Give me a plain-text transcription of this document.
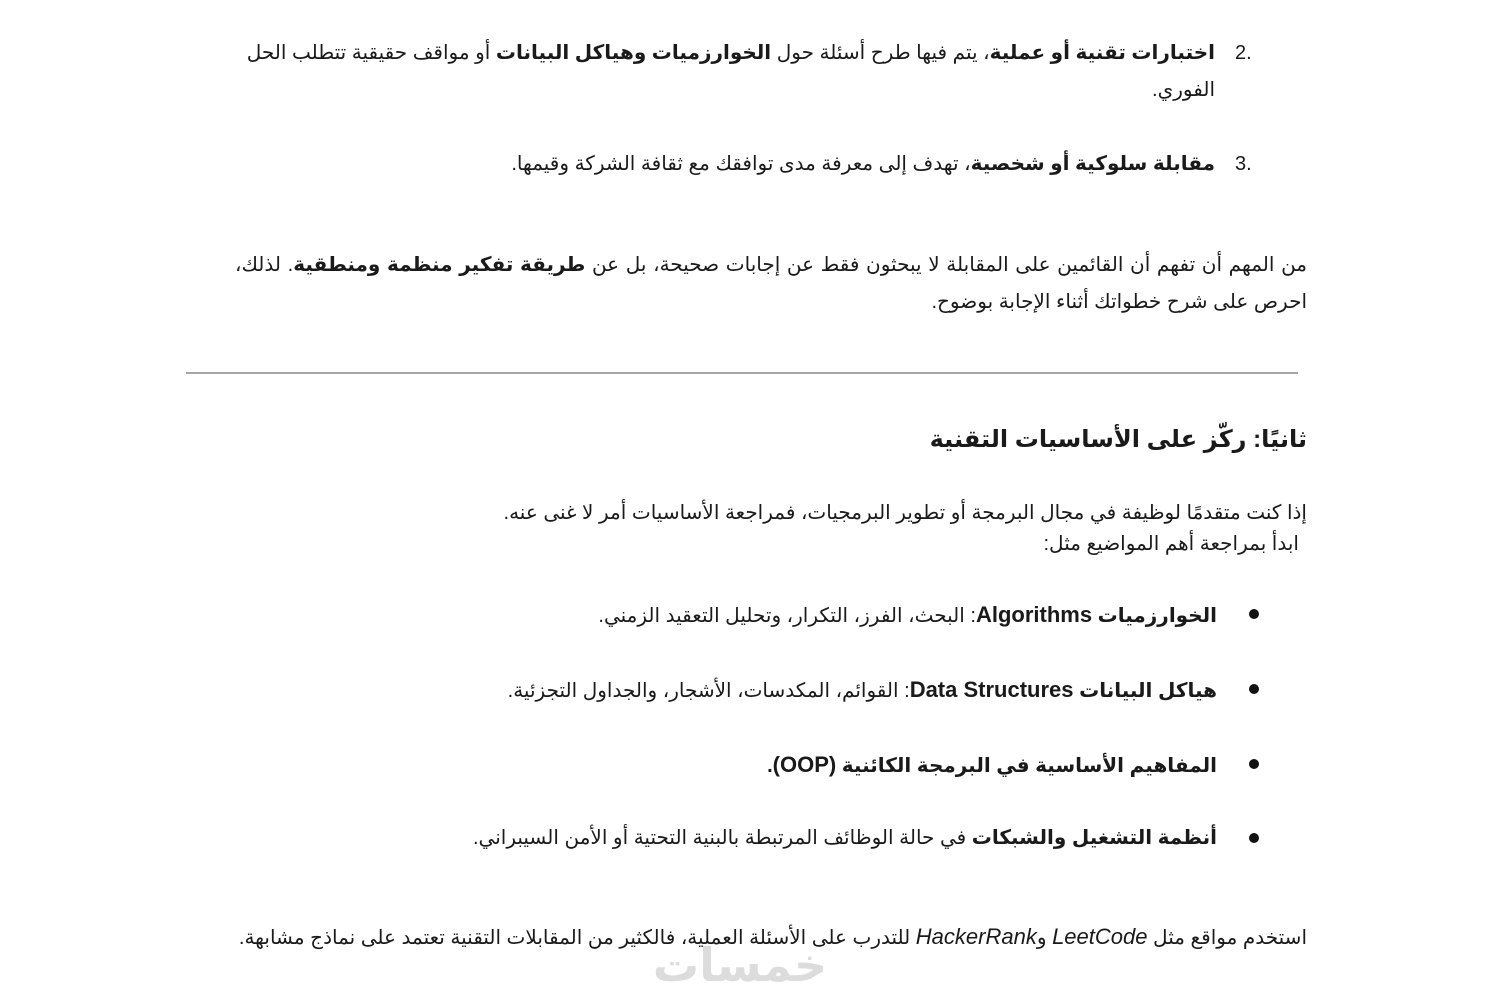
2.
اختبارات تقنية أو عملية، يتم فيها طرح أسئلة حول الخوارزميات وهياكل البيانات أو مواقف حقيقية تتطلب الحل الفوري.
3.
مقابلة سلوكية أو شخصية، تهدف إلى معرفة مدى توافقك مع ثقافة الشركة وقيمها.

من المهم أن تفهم أن القائمين على المقابلة لا يبحثون فقط عن إجابات صحيحة، بل عن طريقة تفكير منظمة ومنطقية. لذلك، احرص على شرح خطواتك أثناء الإجابة بوضوح.

ثانيًا: ركّز على الأساسيات التقنية
إذا كنت متقدمًا لوظيفة في مجال البرمجة أو تطوير البرمجيات، فمراجعة الأساسيات أمر لا غنى عنه.
ابدأ بمراجعة أهم المواضيع مثل:
الخوارزميات Algorithms: البحث، الفرز، التكرار، وتحليل التعقيد الزمني.
هياكل البيانات Data Structures: القوائم، المكدسات، الأشجار، والجداول التجزئية.
المفاهيم الأساسية في البرمجة الكائنية (OOP).
أنظمة التشغيل والشبكات في حالة الوظائف المرتبطة بالبنية التحتية أو الأمن السيبراني.

استخدم مواقع مثل LeetCode وHackerRank للتدرب على الأسئلة العملية، فالكثير من المقابلات التقنية تعتمد على نماذج مشابهة.

خمسات
